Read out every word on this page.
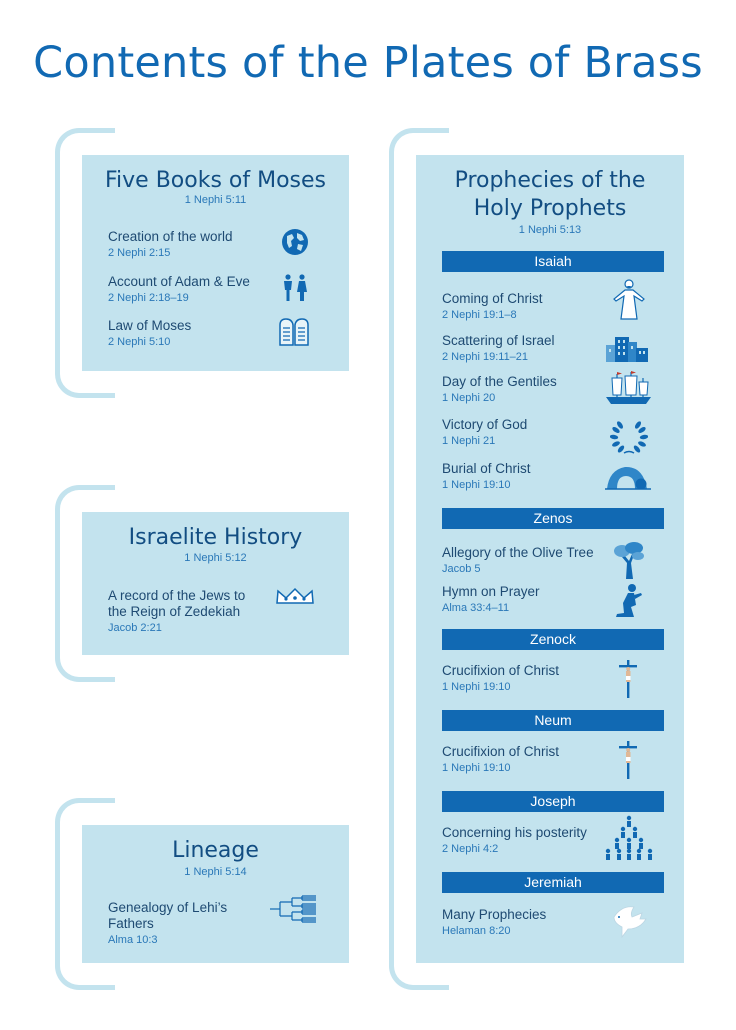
Contents of the Plates of Brass
Five Books of Moses
1 Nephi 5:11
Creation of the world
2 Nephi 2:15
Account of Adam & Eve
2 Nephi 2:18–19
Law of Moses
2 Nephi 5:10
Israelite History
1 Nephi 5:12
A record of the Jews to
the Reign of Zedekiah
Jacob 2:21
Lineage
1 Nephi 5:14
Genealogy of Lehi’s
Fathers
Alma 10:3
Prophecies of the
Holy Prophets
1 Nephi 5:13
Isaiah
Coming of Christ
2 Nephi 19:1–8
Scattering of Israel
2 Nephi 19:11–21
Day of the Gentiles
1 Nephi 20
Victory of God
1 Nephi 21
Burial of Christ
1 Nephi 19:10
Zenos
Allegory of the Olive Tree
Jacob 5
Hymn on Prayer
Alma 33:4–11
Zenock
Crucifixion of Christ
1 Nephi 19:10
Neum
Crucifixion of Christ
1 Nephi 19:10
Joseph
Concerning his posterity
2 Nephi 4:2
Jeremiah
Many Prophecies
Helaman 8:20
